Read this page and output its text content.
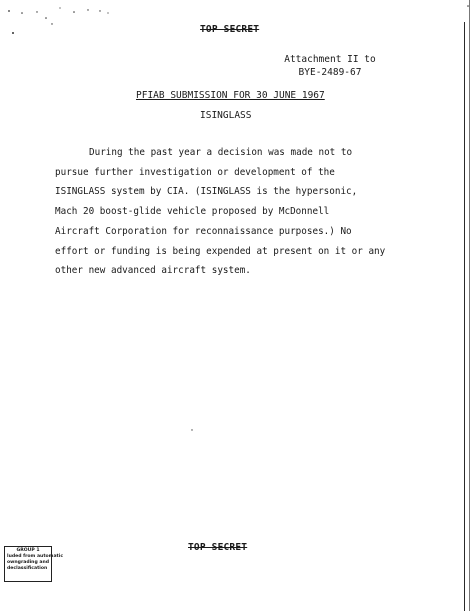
TOP SECRET
Attachment II to
BYE-2489-67
PFIAB SUBMISSION FOR 30 JUNE 1967
ISINGLASS
During the past year a decision was made not to
pursue further investigation or development of the
ISINGLASS system by CIA. (ISINGLASS is the hypersonic,
Mach 20 boost-glide vehicle proposed by McDonnell
Aircraft Corporation for reconnaissance purposes.) No
effort or funding is being expended at present on it or any
other new advanced aircraft system.
TOP SECRET
GROUP 1
luded from automatic
owngrading and
declassification
